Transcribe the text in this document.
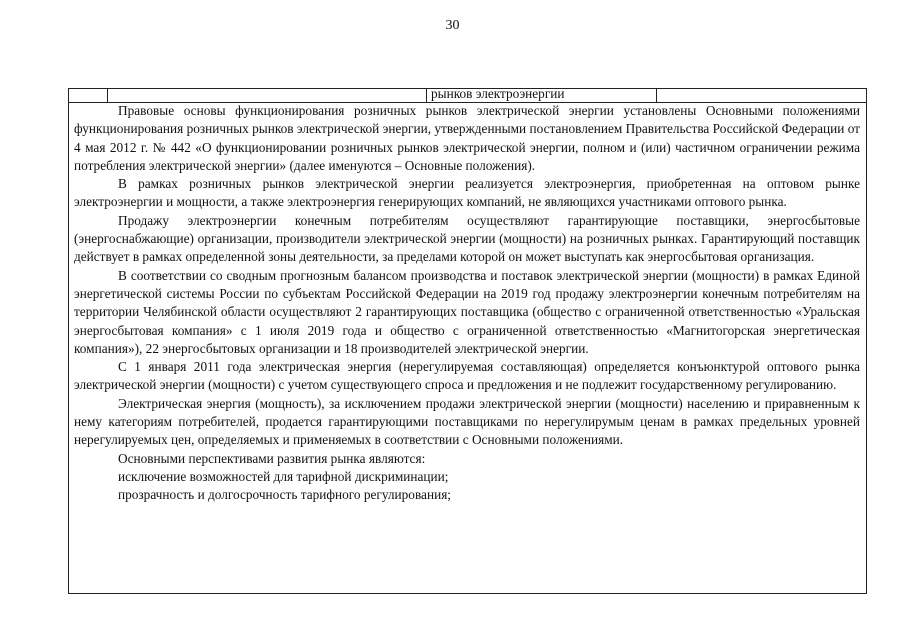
30
рынков электроэнергии

Правовые основы функционирования розничных рынков электрической энергии установлены Основными положениями функционирования розничных рынков электрической энергии, утвержденными постановлением Правительства Российской Федерации от 4 мая 2012 г. № 442 «О функционировании розничных рынков электрической энергии, полном и (или) частичном ограничении режима потребления электрической энергии» (далее именуются – Основные положения).

В рамках розничных рынков электрической энергии реализуется электроэнергия, приобретенная на оптовом рынке электроэнергии и мощности, а также электроэнергия генерирующих компаний, не являющихся участниками оптового рынка.

Продажу электроэнергии конечным потребителям осуществляют гарантирующие поставщики, энергосбытовые (энергоснабжающие) организации, производители электрической энергии (мощности) на розничных рынках. Гарантирующий поставщик действует в рамках определенной зоны деятельности, за пределами которой он может выступать как энергосбытовая организация.

В соответствии со сводным прогнозным балансом производства и поставок электрической энергии (мощности) в рамках Единой энергетической системы России по субъектам Российской Федерации на 2019 год продажу электроэнергии конечным потребителям на территории Челябинской области осуществляют 2 гарантирующих поставщика (общество с ограниченной ответственностью «Уральская энергосбытовая компания» с 1 июля 2019 года и общество с ограниченной ответственностью «Магнитогорская энергетическая компания»), 22 энергосбытовых организации и 18 производителей электрической энергии.

С 1 января 2011 года электрическая энергия (нерегулируемая составляющая) определяется конъюнктурой оптового рынка электрической энергии (мощности) с учетом существующего спроса и предложения и не подлежит государственному регулированию.

Электрическая энергия (мощность), за исключением продажи электрической энергии (мощности) населению и приравненным к нему категориям потребителей, продается гарантирующими поставщиками по нерегулирумым ценам в рамках предельных уровней нерегулируемых цен, определяемых и применяемых в соответствии с Основными положениями.

Основными перспективами развития рынка являются:

исключение возможностей для тарифной дискриминации;

прозрачность и долгосрочность тарифного регулирования;
